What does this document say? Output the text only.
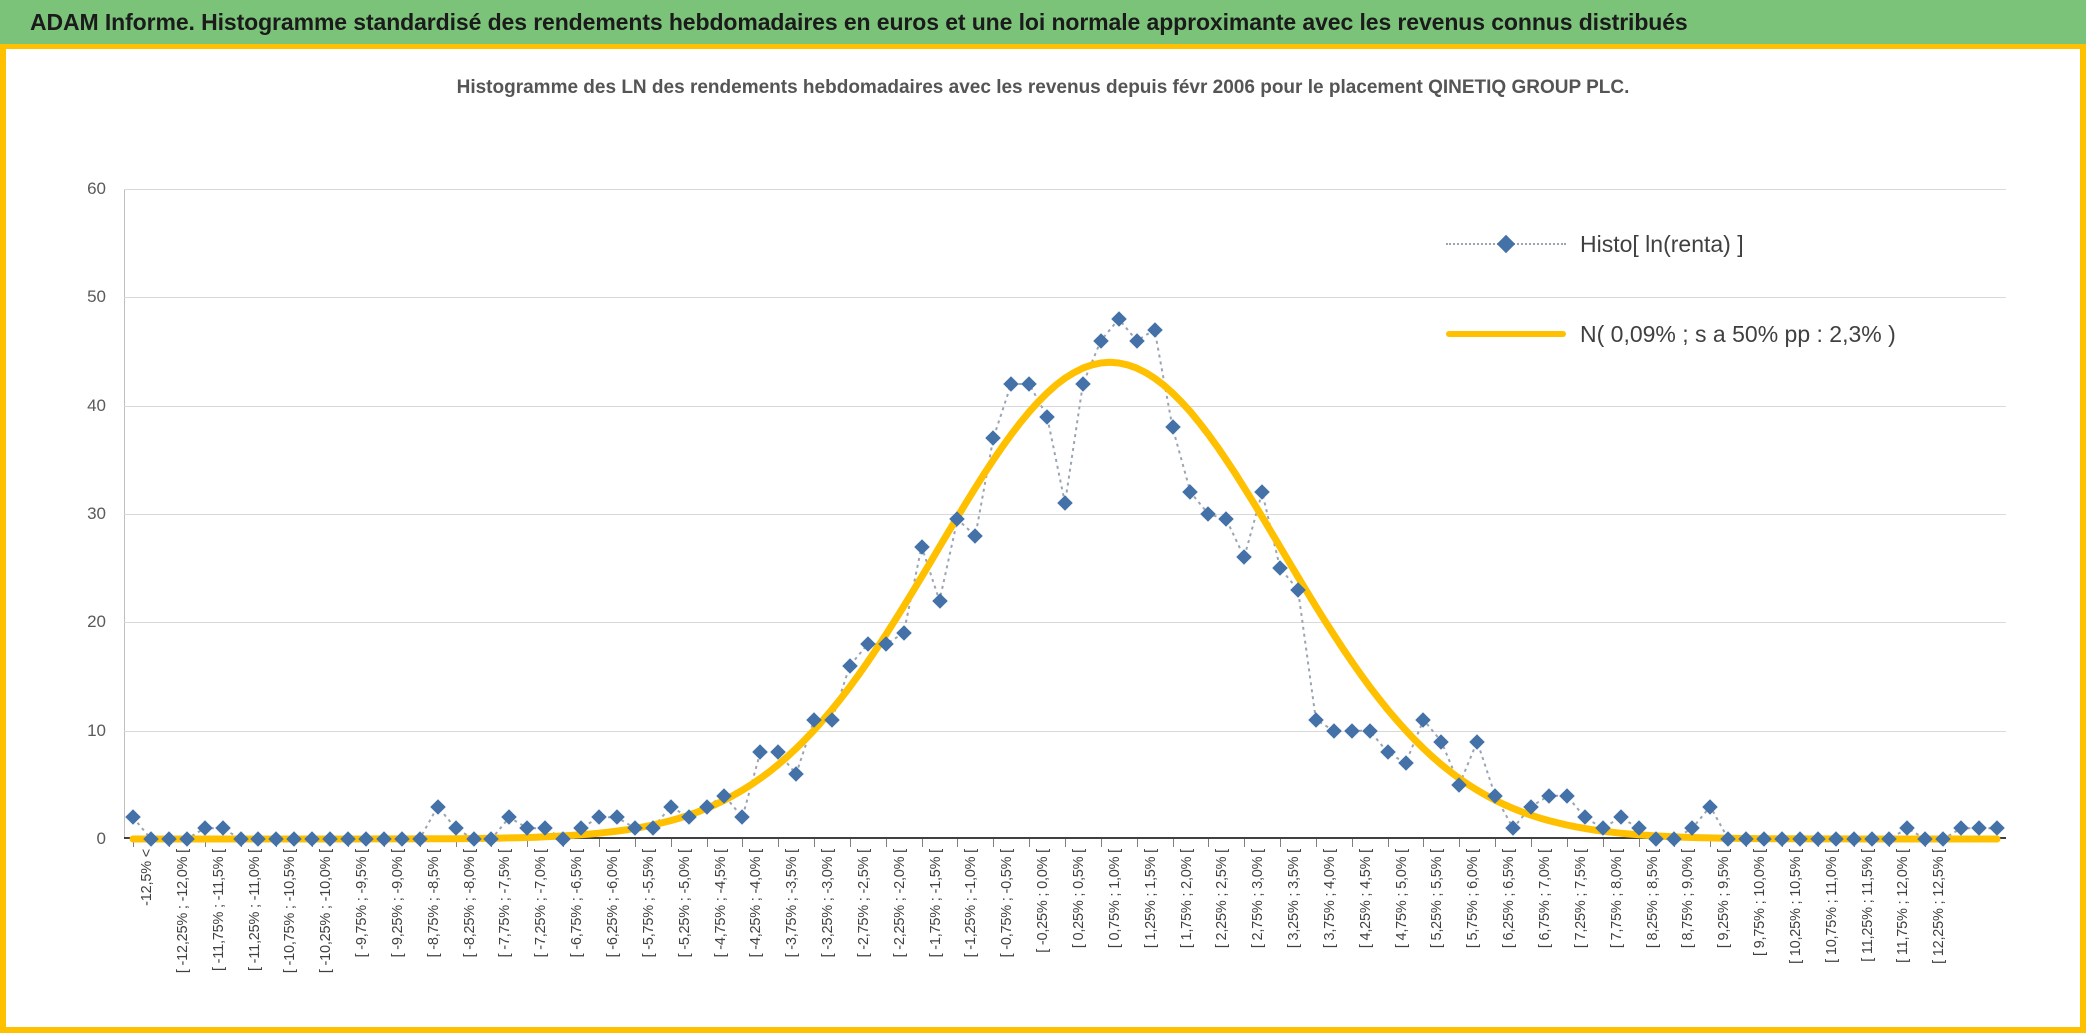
ADAM Informe. Histogramme standardisé des rendements hebdomadaires en euros et une loi normale approximante avec les revenus connus distribués
Histogramme des LN des rendements hebdomadaires avec les revenus depuis févr 2006 pour le placement QINETIQ GROUP PLC.
0
10
20
30
40
50
60
-12,5% < [ -12,25% ; -12,0% [ [ -11,75% ; -11,5% [ [ -11,25% ; -11,0% [ [ -10,75% ; -10,5% [ [ -10,25% ; -10,0% [ [ -9,75% ; -9,5% [ [ -9,25% ; -9,0% [ [ -8,75% ; -8,5% [ [ -8,25% ; -8,0% [ [ -7,75% ; -7,5% [ [ -7,25% ; -7,0% [ [ -6,75% ; -6,5% [ [ -6,25% ; -6,0% [ [ -5,75% ; -5,5% [ [ -5,25% ; -5,0% [ [ -4,75% ; -4,5% [ [ -4,25% ; -4,0% [ [ -3,75% ; -3,5% [ [ -3,25% ; -3,0% [ [ -2,75% ; -2,5% [ [ -2,25% ; -2,0% [ [ -1,75% ; -1,5% [ [ -1,25% ; -1,0% [ [ -0,75% ; -0,5% [ [ -0,25% ; 0,0% [ [ 0,25% ; 0,5% [ [ 0,75% ; 1,0% [ [ 1,25% ; 1,5% [ [ 1,75% ; 2,0% [ [ 2,25% ; 2,5% [ [ 2,75% ; 3,0% [ [ 3,25% ; 3,5% [ [ 3,75% ; 4,0% [ [ 4,25% ; 4,5% [ [ 4,75% ; 5,0% [ [ 5,25% ; 5,5% [ [ 5,75% ; 6,0% [ [ 6,25% ; 6,5% [ [ 6,75% ; 7,0% [ [ 7,25% ; 7,5% [ [ 7,75% ; 8,0% [ [ 8,25% ; 8,5% [ [ 8,75% ; 9,0% [ [ 9,25% ; 9,5% [ [ 9,75% ; 10,0% [ [ 10,25% ; 10,5% [ [ 10,75% ; 11,0% [ [ 11,25% ; 11,5% [ [ 11,75% ; 12,0% [ [ 12,25% ; 12,5% [
Histo[ ln(renta) ]
N( 0,09% ; s a 50% pp : 2,3% )
